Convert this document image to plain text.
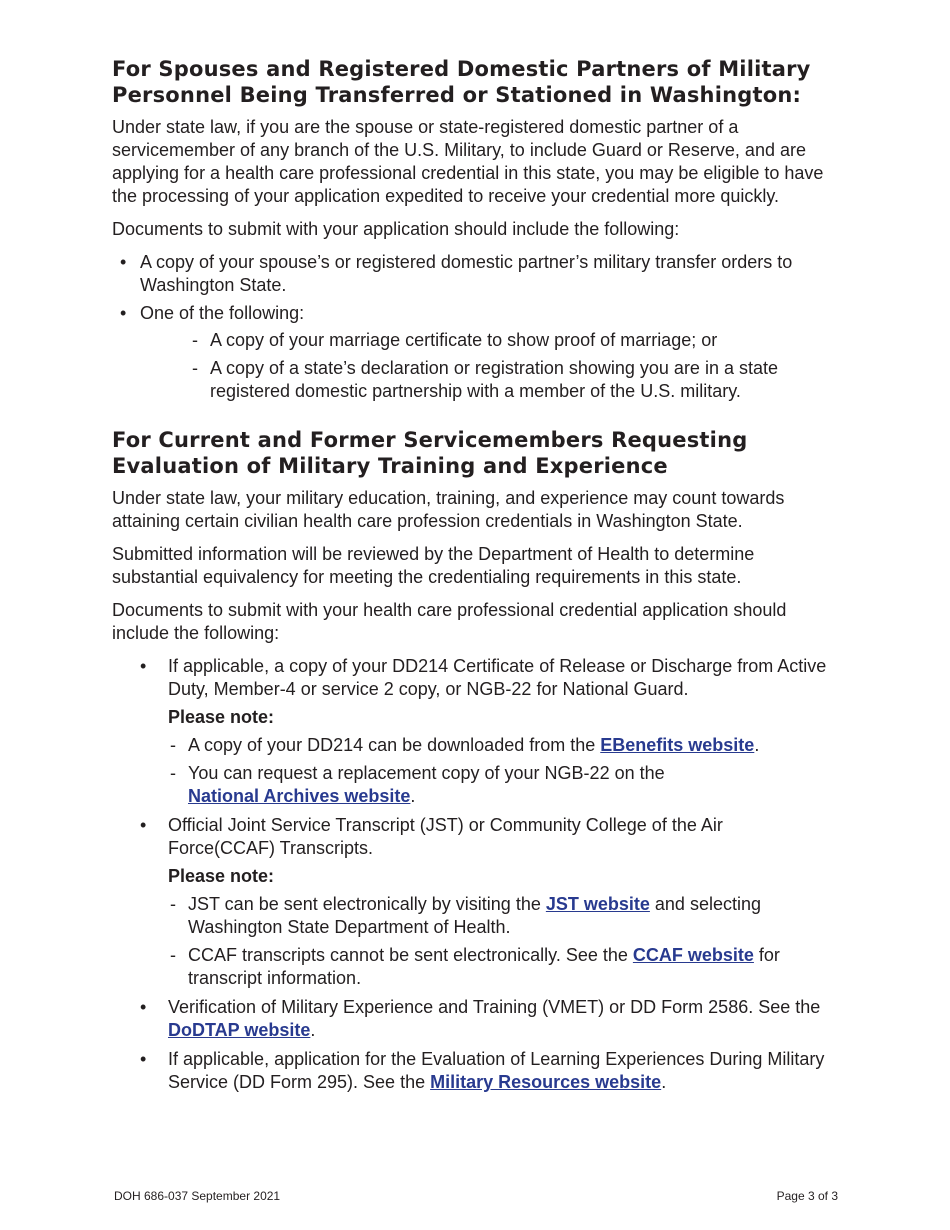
For Spouses and Registered Domestic Partners of Military Personnel Being Transferred or Stationed in Washington:

Under state law, if you are the spouse or state-registered domestic partner of a servicemember of any branch of the U.S. Military, to include Guard or Reserve, and are applying for a health care professional credential in this state, you may be eligible to have the processing of your application expedited to receive your credential more quickly.

Documents to submit with your application should include the following:

• A copy of your spouse’s or registered domestic partner’s military transfer orders to Washington State.
• One of the following:
- A copy of your marriage certificate to show proof of marriage; or
- A copy of a state’s declaration or registration showing you are in a state registered domestic partnership with a member of the U.S. military.
For Current and Former Servicemembers Requesting Evaluation of Military Training and Experience

Under state law, your military education, training, and experience may count towards attaining certain civilian health care profession credentials in Washington State.

Submitted information will be reviewed by the Department of Health to determine substantial equivalency for meeting the credentialing requirements in this state.

Documents to submit with your health care professional credential application should include the following:

• If applicable, a copy of your DD214 Certificate of Release or Discharge from Active Duty, Member-4 or service 2 copy, or NGB-22 for National Guard.
Please note:
- A copy of your DD214 can be downloaded from the EBenefits website.
- You can request a replacement copy of your NGB-22 on the
National Archives website.
• Official Joint Service Transcript (JST) or Community College of the Air Force(CCAF) Transcripts.
Please note:
- JST can be sent electronically by visiting the JST website and selecting Washington State Department of Health.
- CCAF transcripts cannot be sent electronically. See the CCAF website for transcript information.
• Verification of Military Experience and Training (VMET) or DD Form 2586. See the DoDTAP website.
• If applicable, application for the Evaluation of Learning Experiences During Military Service (DD Form 295). See the Military Resources website.
DOH 686-037 September 2021	Page 3 of 3
